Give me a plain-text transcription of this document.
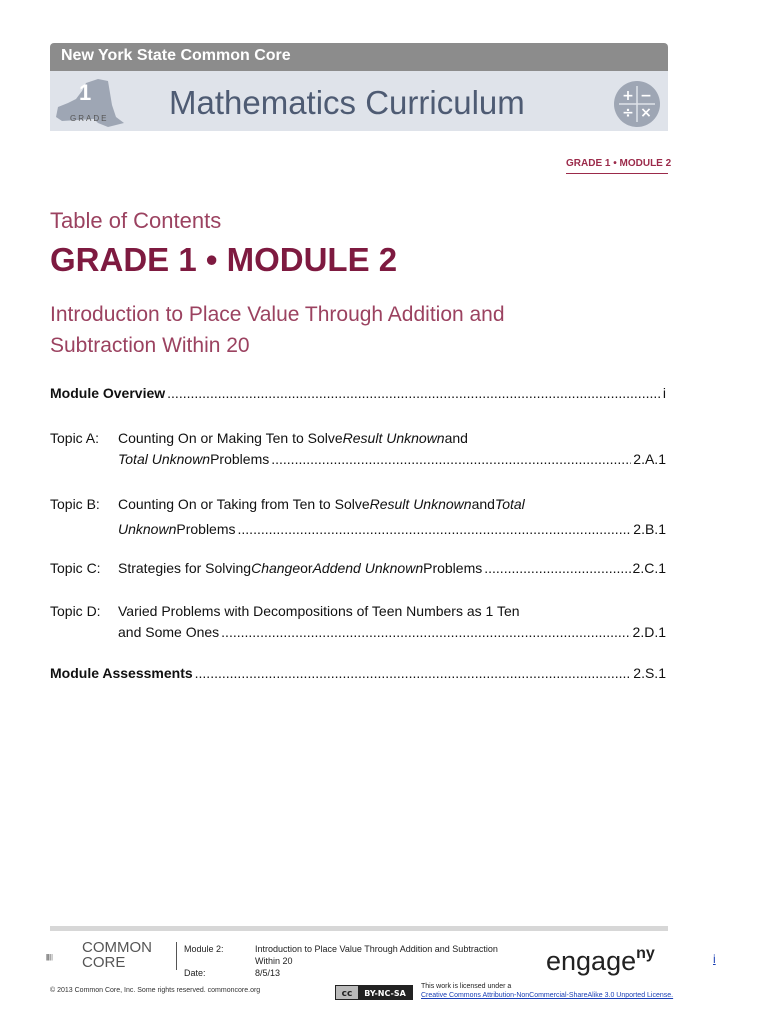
New York State Common Core
1
GRADE Mathematics Curriculum	+ −
÷ ×
GRADE 1 • MODULE 2
Table of Contents
GRADE 1 • MODULE 2
Introduction to Place Value Through Addition and Subtraction Within 20
Module Overview .....	i
Topic A:	Counting On or Making Ten to Solve Result Unknown and
Total Unknown Problems .....	2.A.1
Topic B:	Counting On or Taking from Ten to Solve Result Unknown and Total
Unknown Problems .....	2.B.1
Topic C:	Strategies for Solving Change or Addend Unknown Problems .....	2.C.1
Topic D:	Varied Problems with Decompositions of Teen Numbers as 1 Ten
and Some Ones .....	2.D.1
Module Assessments .....	2.S.1
COMMON
CORE
Module 2:	Introduction to Place Value Through Addition and Subtraction
Within 20
Date:	8/5/13	engage$^{ny}$	i
© 2013 Common Core, Inc. Some rights reserved. commoncore.org	cc BY-NC-SA
This work is licensed under a
Creative Commons Attribution-NonCommercial-ShareAlike 3.0 Unported License.
